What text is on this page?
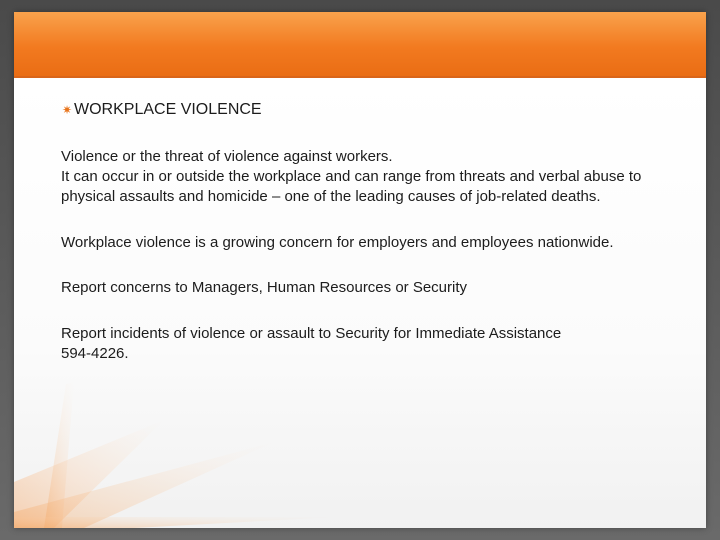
✷ WORKPLACE VIOLENCE

Violence or the threat of violence against workers.

It can occur in or outside the workplace and can range from threats and verbal abuse to physical assaults and homicide – one of the leading causes of job-related deaths.

Workplace violence is a growing concern for employers and employees nationwide.

Report concerns to Managers, Human Resources or Security

Report incidents of violence or assault to Security for Immediate Assistance

594-4226.
